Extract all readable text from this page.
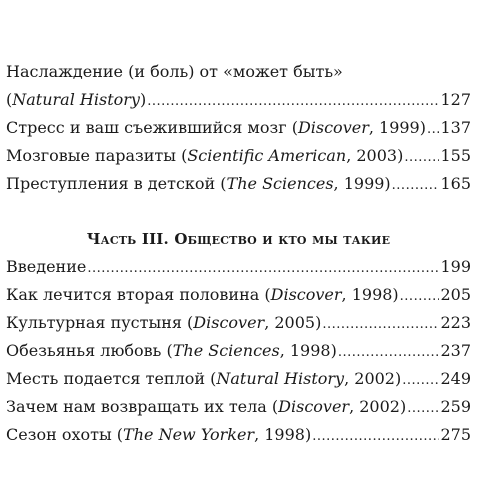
Наслаждение (и боль) от «может быть»
(Natural History) .....	127
Стресс и ваш съежившийся мозг (Discover, 1999) ..... 137
Мозговые паразиты (Scientific American, 2003) ..... 155
Преступления в детской (The Sciences, 1999) .....	165
Часть III. Общество и кто мы такие
Введение .....	199
Как лечится вторая половина (Discover, 1998) .....	205
Культурная пустыня (Discover, 2005) .....	223
Обезьянья любовь (The Sciences, 1998) .....	237
Месть подается теплой (Natural History, 2002) ..... 249
Зачем нам возвращать их тела (Discover, 2002) ..... 259
Сезон охоты (The New Yorker, 1998) .....	275
